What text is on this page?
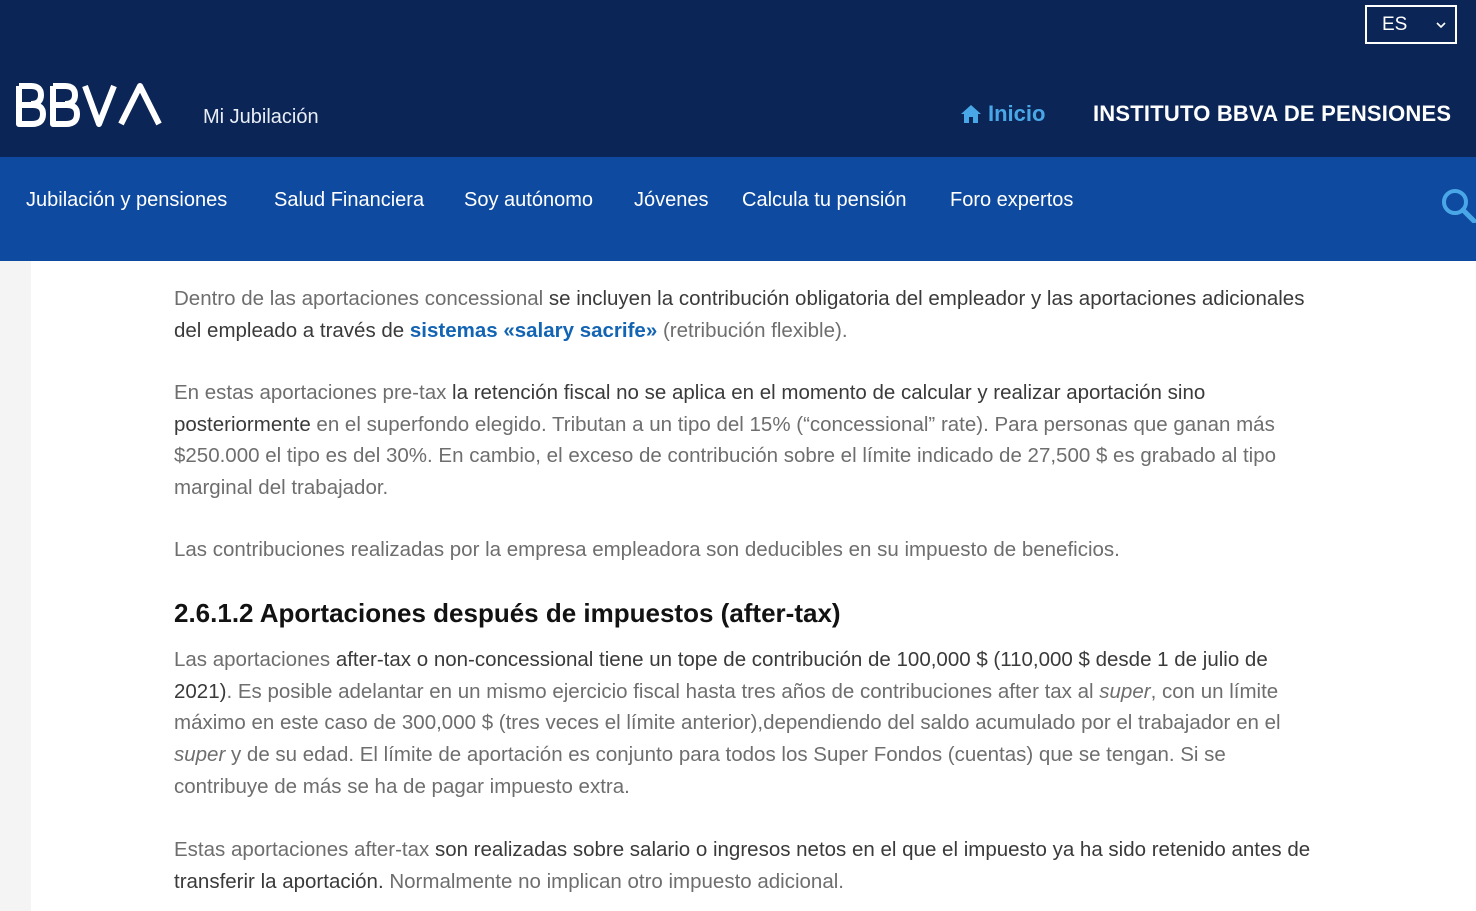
ES
Mi Jubilación	Inicio INSTITUTO BBVA DE PENSIONES
Jubilación y pensiones Salud Financiera Soy autónomo Jóvenes Calcula tu pensión Foro expertos

Dentro de las aportaciones concessional se incluyen la contribución obligatoria del empleador y las aportaciones adicionales del empleado a través de sistemas «salary sacrife» (retribución flexible).

En estas aportaciones pre-tax la retención fiscal no se aplica en el momento de calcular y realizar aportación sino posteriormente en el superfondo elegido. Tributan a un tipo del 15% (“concessional” rate). Para personas que ganan más $250.000 el tipo es del 30%. En cambio, el exceso de contribución sobre el límite indicado de 27,500 $ es grabado al tipo marginal del trabajador.

Las contribuciones realizadas por la empresa empleadora son deducibles en su impuesto de beneficios.

2.6.1.2 Aportaciones después de impuestos (after-tax)

Las aportaciones after-tax o non-concessional tiene un tope de contribución de 100,000 $ (110,000 $ desde 1 de julio de 2021). Es posible adelantar en un mismo ejercicio fiscal hasta tres años de contribuciones after tax al super, con un límite máximo en este caso de 300,000 $ (tres veces el límite anterior),dependiendo del saldo acumulado por el trabajador en el super y de su edad. El límite de aportación es conjunto para todos los Super Fondos (cuentas) que se tengan. Si se contribuye de más se ha de pagar impuesto extra.

Estas aportaciones after-tax son realizadas sobre salario o ingresos netos en el que el impuesto ya ha sido retenido antes de transferir la aportación. Normalmente no implican otro impuesto adicional.
